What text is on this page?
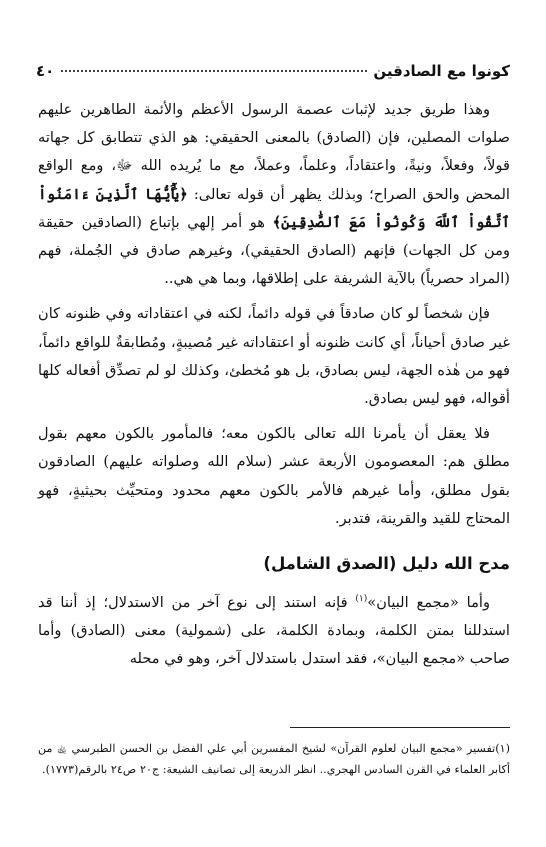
كونوا مع الصادقين
٤٠

وهذا طريق جديد لإثبات عصمة الرسول الأعظم والأئمة الطاهرين عليهم صلوات المصلين، فإن (الصادق) بالمعنى الحقيقي: هو الذي تتطابق كل جهاته قولاً، وفعلاً، ونيةً، واعتقاداً، وعلماً، وعملاً، مع ما يُريده الله ﷻ، ومع الواقع المحض والحق الصراح؛ وبذلك يظهر أن قوله تعالى: ﴿يَٰٓأَيُّهَا ٱلَّذِينَ ءَامَنُواْ ٱتَّقُواْ ٱللَّهَ وَكُونُواْ مَعَ ٱلصَّٰدِقِينَ﴾ هو أمر إلهي بإتباع (الصادقين حقيقة ومن كل الجهات) فإنهم (الصادق الحقيقي)، وغيرهم صادق في الجُملة، فهم (المراد حصرياً) بالآية الشريفة على إطلاقها، وبما هي هي..

فإن شخصاً لو كان صادقاً في قوله دائماً، لكنه في اعتقاداته وفي ظنونه كان غير صادق أحياناً، أي كانت ظنونه أو اعتقاداته غير مُصيبةٍ، ومُطابقةٌ للواقع دائماً، فهو من هٰذه الجهة، ليس بصادق، بل هو مُخطئ، وكذلك لو لم تصدِّق أفعاله كلها أقواله، فهو ليس بصادق.

فلا يعقل أن يأمرنا الله تعالى بالكون معه؛ فالمأمور بالكون معهم بقول مطلق هم: المعصومون الأربعة عشر (سلام الله وصلواته عليهم) الصادقون بقول مطلق، وأما غيرهم فالأمر بالكون معهم محدود ومتحيِّث بحيثيةٍ، فهو المحتاج للقيد والقرينة، فتدبر.

مدح الله دليل (الصدق الشامل)

وأما «مجمع البيان»$^{(١)}$ فإنه استند إلى نوع آخر من الاستدلال؛ إذ أننا قد استدللنا بمتن الكلمة، وبمادة الكلمة، على (شمولية) معنى (الصادق) وأما صاحب «مجمع البيان»، فقد استدل باستدلال آخر، وهو في محله

(١)تفسير «مجمع البيان لعلوم القرآن» لشيخ المفسرين أبي علي الفضل بن الحسن الطبرسي ﵀ من أكابر العلماء في القرن السادس الهجري.. انظر الذريعة إلى تصانيف الشيعة: ج٢٠ ص٢٤ بالرقم(١٧٧٣).
